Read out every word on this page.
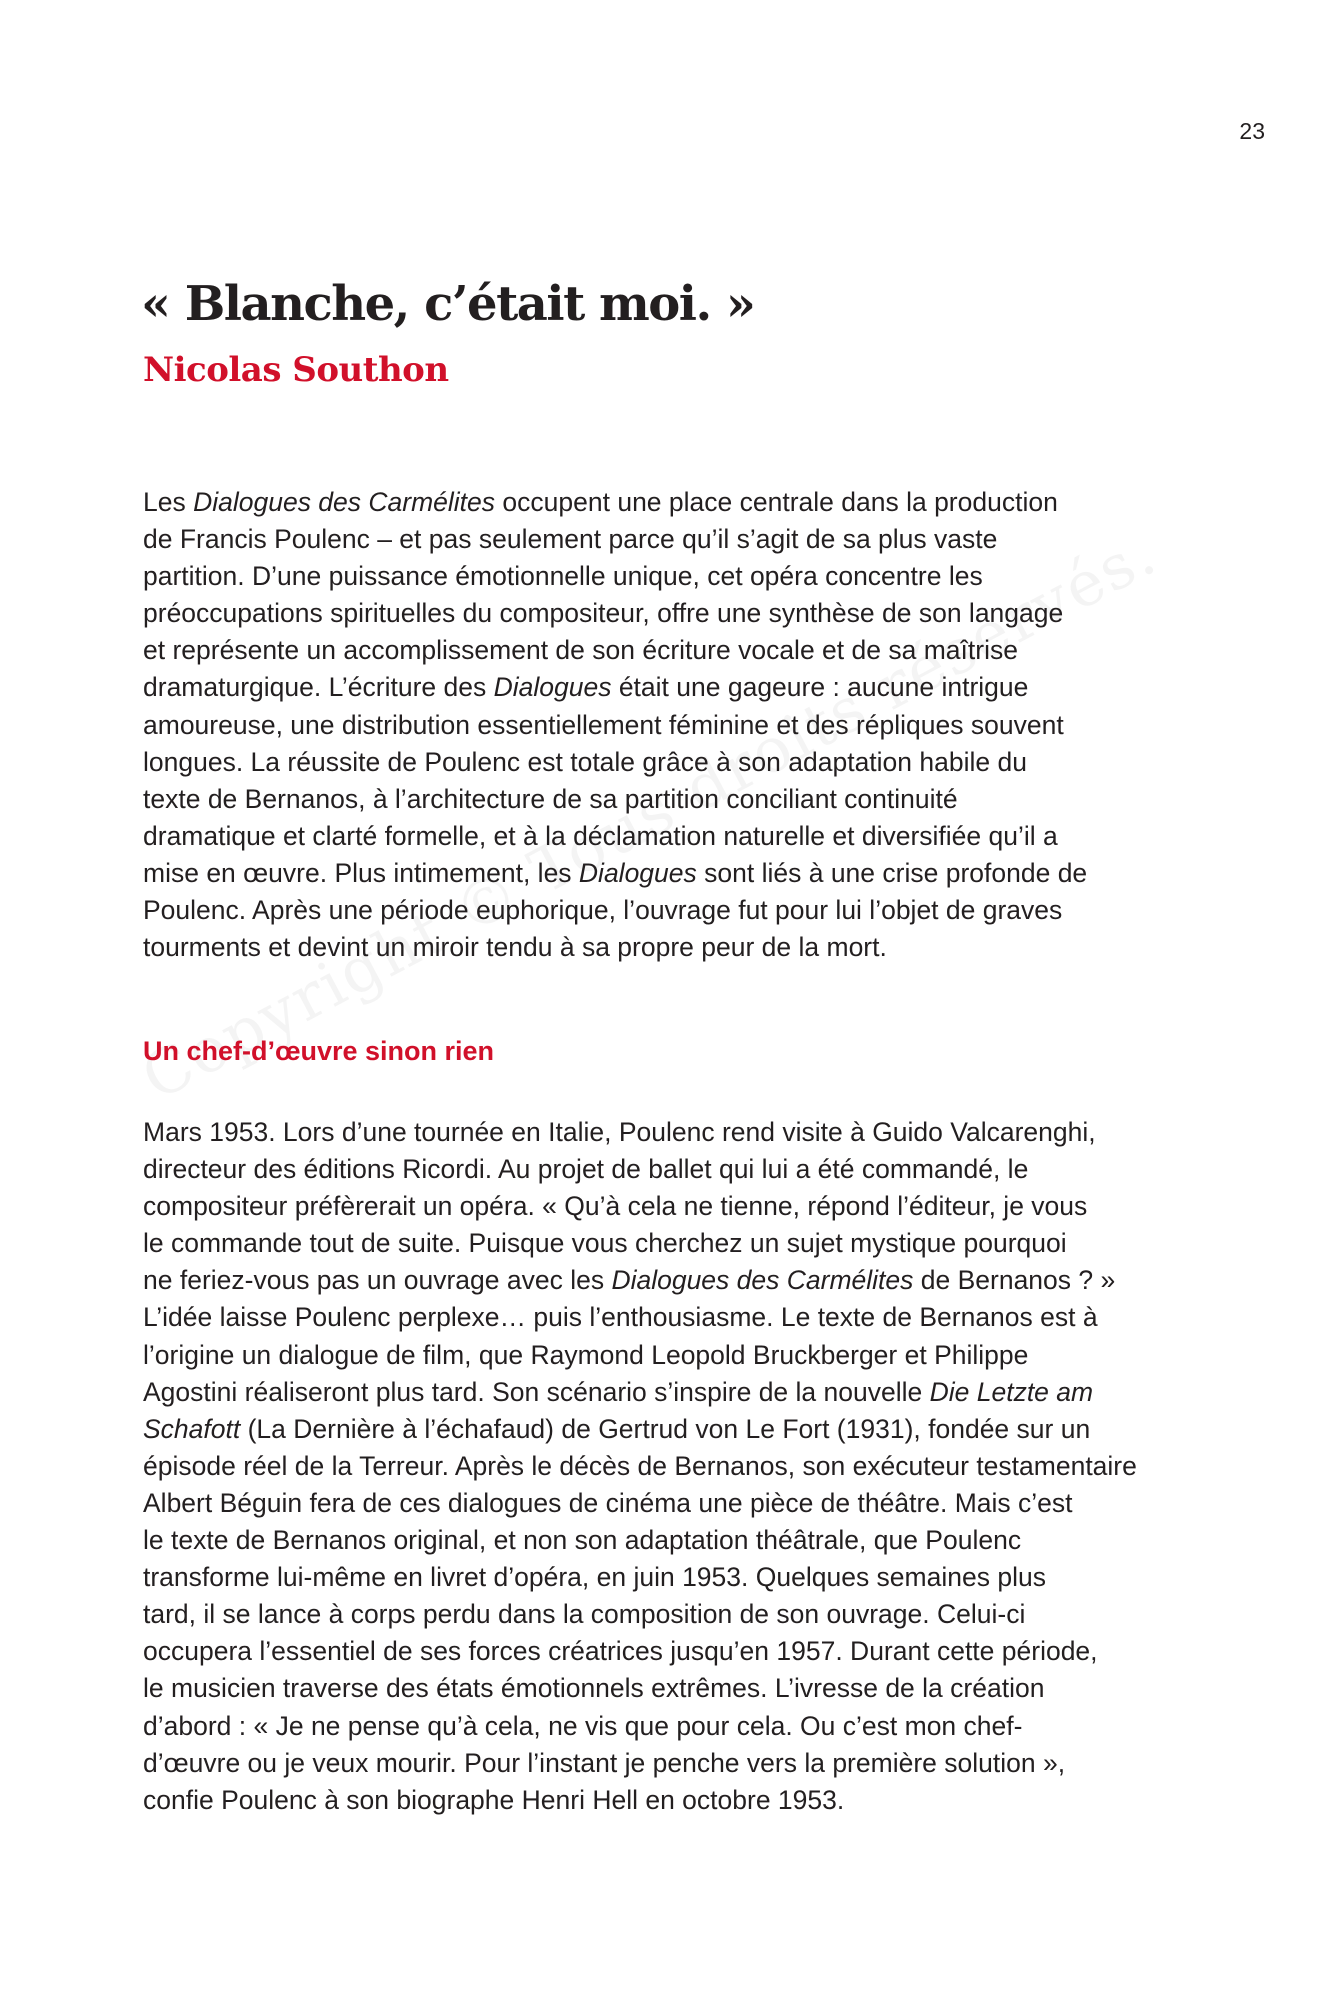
23
« Blanche, c’était moi. »
Nicolas Southon

Les Dialogues des Carmélites occupent une place centrale dans la production
de Francis Poulenc – et pas seulement parce qu’il s’agit de sa plus vaste
partition. D’une puissance émotionnelle unique, cet opéra concentre les
préoccupations spirituelles du compositeur, offre une synthèse de son langage
et représente un accomplissement de son écriture vocale et de sa maîtrise
dramaturgique. L’écriture des Dialogues était une gageure : aucune intrigue
amoureuse, une distribution essentiellement féminine et des répliques souvent
longues. La réussite de Poulenc est totale grâce à son adaptation habile du
texte de Bernanos, à l’architecture de sa partition conciliant continuité
dramatique et clarté formelle, et à la déclamation naturelle et diversifiée qu’il a
mise en œuvre. Plus intimement, les Dialogues sont liés à une crise profonde de
Poulenc. Après une période euphorique, l’ouvrage fut pour lui l’objet de graves
tourments et devint un miroir tendu à sa propre peur de la mort.

Un chef-d’œuvre sinon rien

Mars 1953. Lors d’une tournée en Italie, Poulenc rend visite à Guido Valcarenghi,
directeur des éditions Ricordi. Au projet de ballet qui lui a été commandé, le
compositeur préfèrerait un opéra. « Qu’à cela ne tienne, répond l’éditeur, je vous
le commande tout de suite. Puisque vous cherchez un sujet mystique pourquoi
ne feriez-vous pas un ouvrage avec les Dialogues des Carmélites de Bernanos ? »
L’idée laisse Poulenc perplexe… puis l’enthousiasme. Le texte de Bernanos est à
l’origine un dialogue de film, que Raymond Leopold Bruckberger et Philippe
Agostini réaliseront plus tard. Son scénario s’inspire de la nouvelle Die Letzte am
Schafott (La Dernière à l’échafaud) de Gertrud von Le Fort (1931), fondée sur un
épisode réel de la Terreur. Après le décès de Bernanos, son exécuteur testamentaire
Albert Béguin fera de ces dialogues de cinéma une pièce de théâtre. Mais c’est
le texte de Bernanos original, et non son adaptation théâtrale, que Poulenc
transforme lui-même en livret d’opéra, en juin 1953. Quelques semaines plus
tard, il se lance à corps perdu dans la composition de son ouvrage. Celui-ci
occupera l’essentiel de ses forces créatrices jusqu’en 1957. Durant cette période,
le musicien traverse des états émotionnels extrêmes. L’ivresse de la création
d’abord : « Je ne pense qu’à cela, ne vis que pour cela. Ou c’est mon chef-
d’œuvre ou je veux mourir. Pour l’instant je penche vers la première solution »,
confie Poulenc à son biographe Henri Hell en octobre 1953.
